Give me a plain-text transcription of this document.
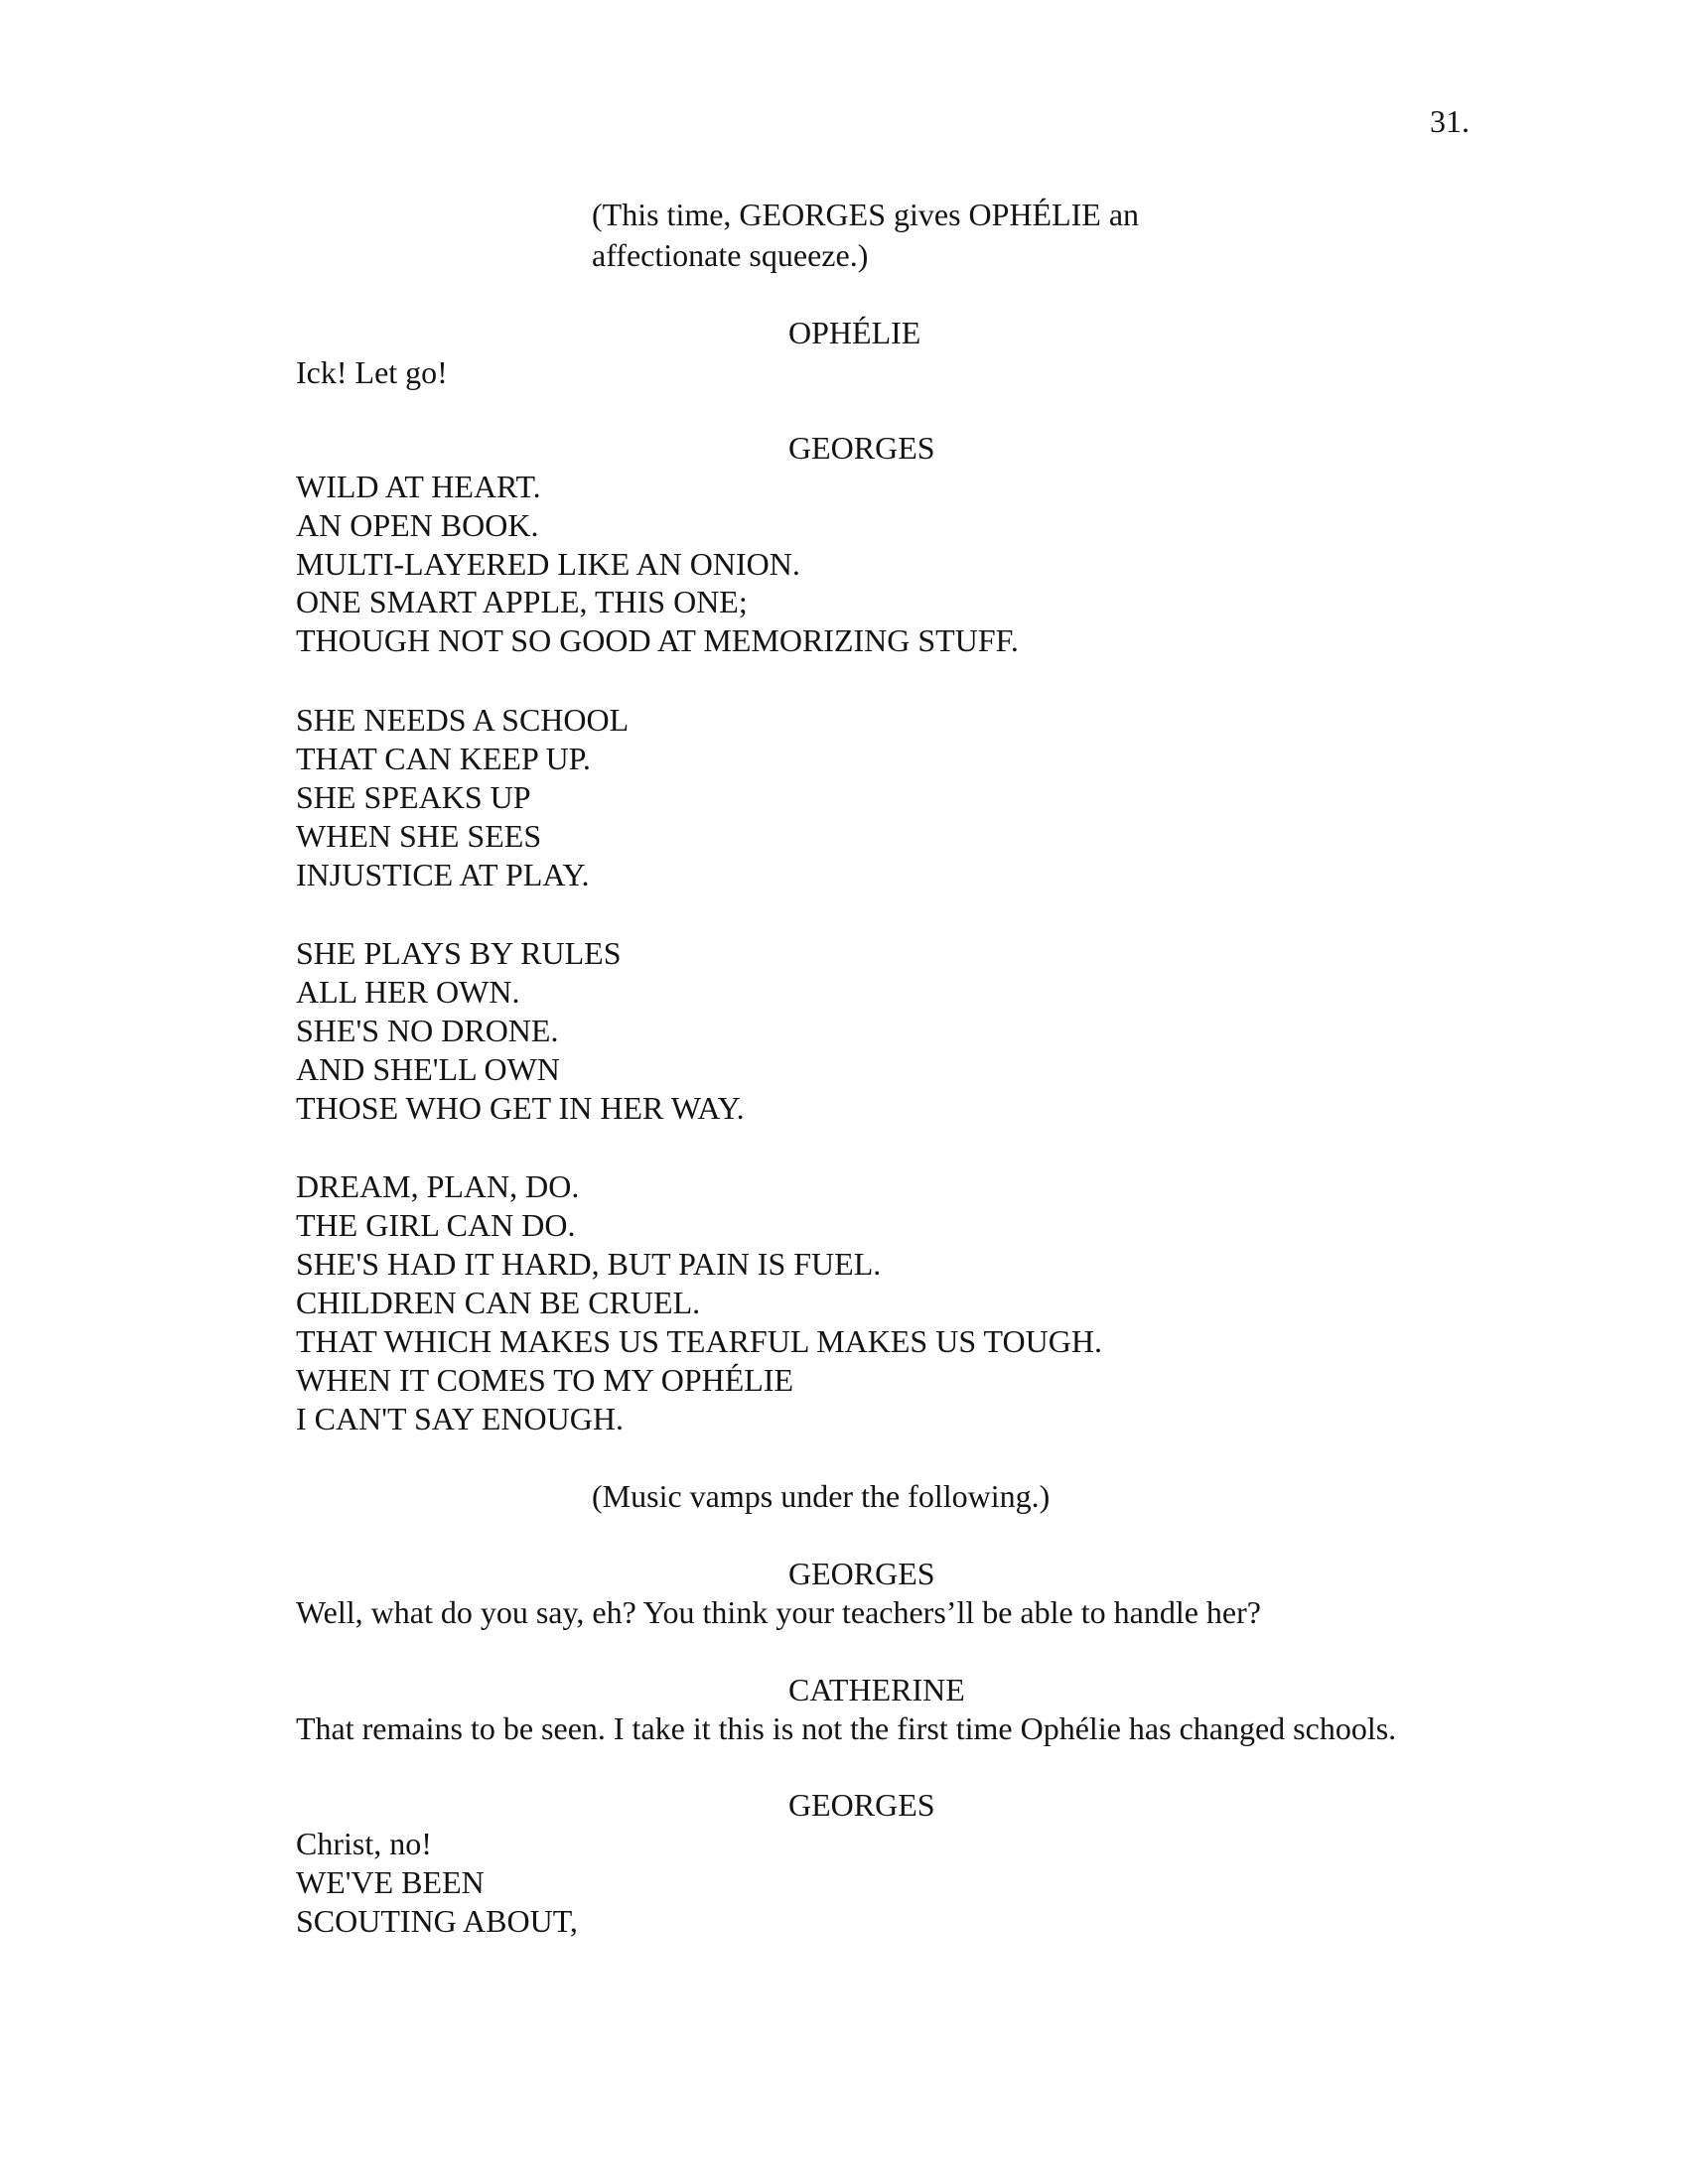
31.
(This time, GEORGES gives OPHÉLIE an
affectionate squeeze.)
OPHÉLIE
Ick! Let go!
GEORGES
WILD AT HEART.
AN OPEN BOOK.
MULTI-LAYERED LIKE AN ONION.
ONE SMART APPLE, THIS ONE;
THOUGH NOT SO GOOD AT MEMORIZING STUFF.
SHE NEEDS A SCHOOL
THAT CAN KEEP UP.
SHE SPEAKS UP
WHEN SHE SEES
INJUSTICE AT PLAY.
SHE PLAYS BY RULES
ALL HER OWN.
SHE'S NO DRONE.
AND SHE'LL OWN
THOSE WHO GET IN HER WAY.
DREAM, PLAN, DO.
THE GIRL CAN DO.
SHE'S HAD IT HARD, BUT PAIN IS FUEL.
CHILDREN CAN BE CRUEL.
THAT WHICH MAKES US TEARFUL MAKES US TOUGH.
WHEN IT COMES TO MY OPHÉLIE
I CAN'T SAY ENOUGH.
(Music vamps under the following.)
GEORGES
Well, what do you say, eh? You think your teachers’ll be able to handle her?
CATHERINE
That remains to be seen. I take it this is not the first time Ophélie has changed schools.
GEORGES
Christ, no!
WE'VE BEEN
SCOUTING ABOUT,
